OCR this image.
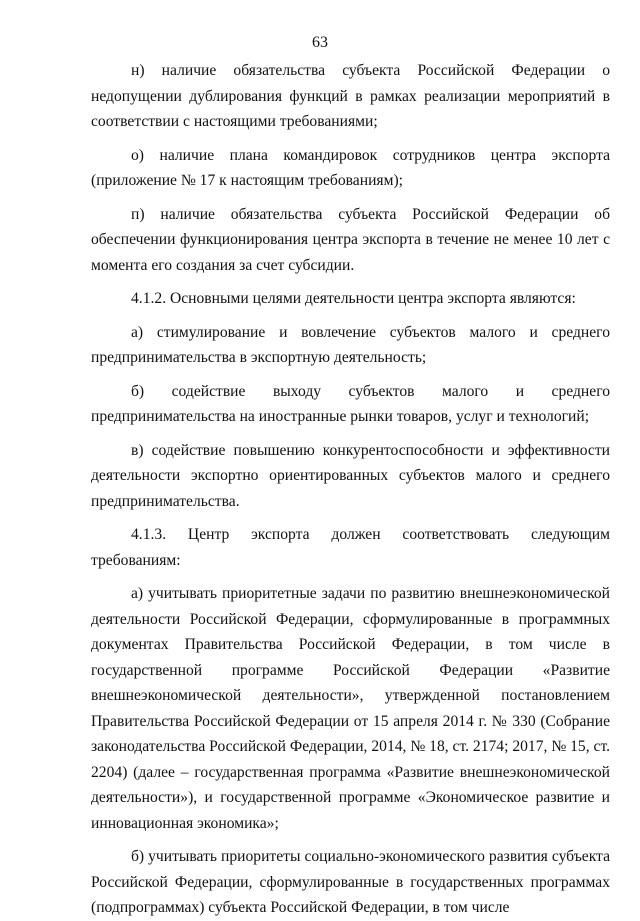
63

н) наличие обязательства субъекта Российской Федерации о недопущении дублирования функций в рамках реализации мероприятий в соответствии с настоящими требованиями;

о) наличие плана командировок сотрудников центра экспорта (приложение № 17 к настоящим требованиям);

п) наличие обязательства субъекта Российской Федерации об обеспечении функционирования центра экспорта в течение не менее 10 лет с момента его создания за счет субсидии.

4.1.2. Основными целями деятельности центра экспорта являются:

а) стимулирование и вовлечение субъектов малого и среднего предпринимательства в экспортную деятельность;

б) содействие выходу субъектов малого и среднего предпринимательства на иностранные рынки товаров, услуг и технологий;

в) содействие повышению конкурентоспособности и эффективности деятельности экспортно ориентированных субъектов малого и среднего предпринимательства.

4.1.3. Центр экспорта должен соответствовать следующим требованиям:

а) учитывать приоритетные задачи по развитию внешнеэкономической деятельности Российской Федерации, сформулированные в программных документах Правительства Российской Федерации, в том числе в государственной программе Российской Федерации «Развитие внешнеэкономической деятельности», утвержденной постановлением Правительства Российской Федерации от 15 апреля 2014 г. № 330 (Собрание законодательства Российской Федерации, 2014, № 18, ст. 2174; 2017, № 15, ст. 2204) (далее – государственная программа «Развитие внешнеэкономической деятельности»), и государственной программе «Экономическое развитие и инновационная экономика»;

б) учитывать приоритеты социально-экономического развития субъекта Российской Федерации, сформулированные в государственных программах (подпрограммах) субъекта Российской Федерации, в том числе
